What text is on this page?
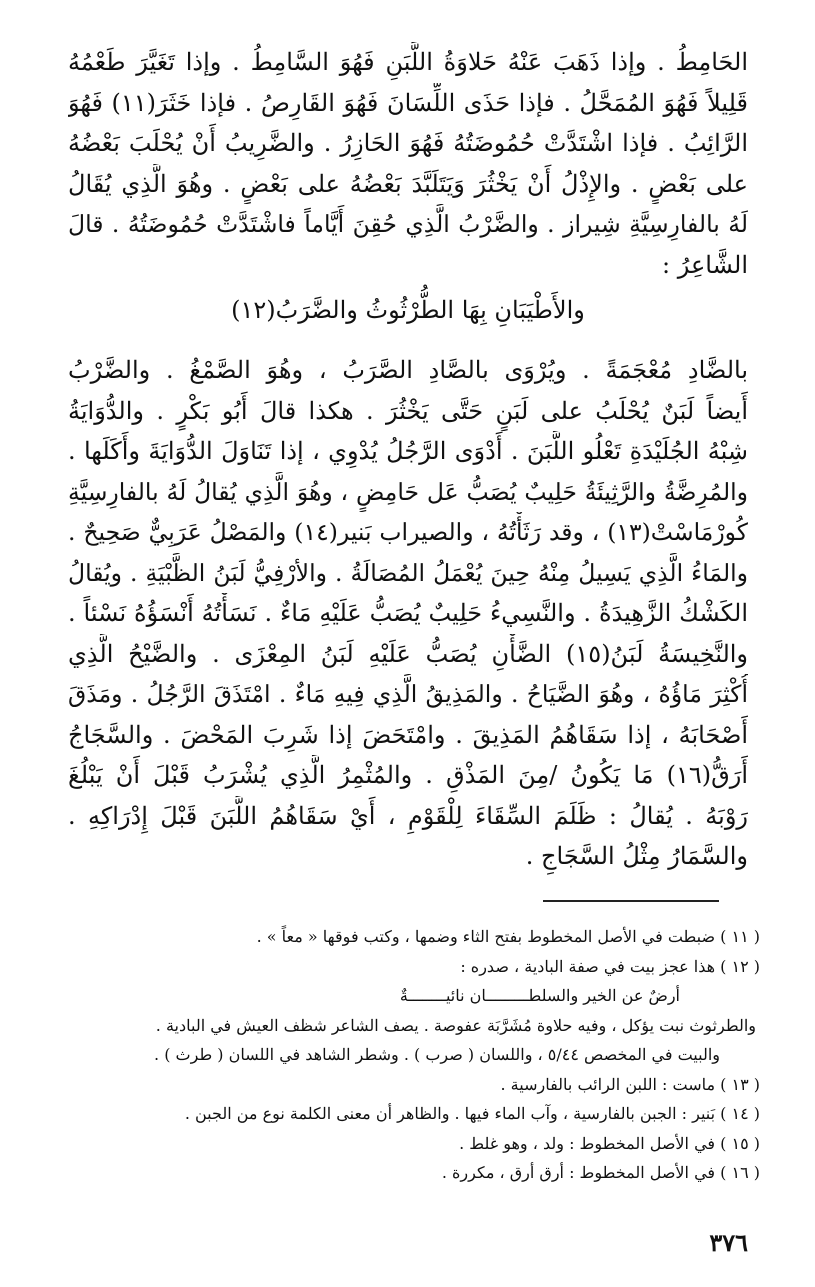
الحَامِطُ . وإذا ذَهَبَ عَنْهُ حَلاوَةُ اللَّبَنِ فَهُوَ السَّامِطُ . وإذا تَغَيَّرَ طَعْمُهُ
قَلِيلاً فَهُوَ المُمَحَّلُ . فإذا حَذَى اللِّسَانَ فَهُوَ القَارِصُ . فإذا خَثَرَ(١١) فَهُوَ
الرَّائِبُ . فإذا اشْتَدَّتْ حُمُوضَتُهُ فَهُوَ الحَازِرُ . والضَّرِيبُ أَنْ يُحْلَبَ بَعْضُهُ
على بَعْضٍ . والإِذْلُ أَنْ يَخْثُرَ وَيَتَلَبَّدَ بَعْضُهُ على بَعْضٍ . وهُوَ الَّذِي يُقَالُ
لَهُ بالفارِسِيَّةِ شِيراز . والضَّرْبُ الَّذِي حُقِنَ أَيَّاماً فاشْتَدَّتْ حُمُوضَتُهُ . قالَ
الشَّاعِرُ :
والأَطْيَبَانِ بِهَا الطُّرْثُوثُ والضَّرَبُ(١٢)
بالضَّادِ مُعْجَمَةً . ويُرْوَى بالصَّادِ الصَّرَبُ ، وهُوَ الصَّمْغُ . والضَّرْبُ
أَيضاً لَبَنٌ يُحْلَبُ على لَبَنٍ حَتَّى يَخْثُرَ . هكذا قالَ أَبُو بَكْرٍ . والدُّوَايَةُ
شِبْهُ الجُلَيْدَةِ تَعْلُو اللَّبَنَ . أَدْوَى الرَّجُلُ يُدْوِي ، إذا تَنَاوَلَ الدُّوَايَةَ وأَكَلَها .
والمُرِضَّةُ والرَّثِيئَةُ حَلِيبٌ يُصَبُّ عَل حَامِضٍ ، وهُوَ الَّذِي يُقالُ لَهُ بالفارِسِيَّةِ
كُورْمَاسْتْ(١٣) ، وقد رَثَأْتُهُ ، والصيراب بَنير(١٤) والمَصْلُ عَرَبِيٌّ صَحِيحٌ .
والمَاءُ الَّذِي يَسِيلُ مِنْهُ حِينَ يُعْمَلُ المُصَالَةُ . والأرْفِيُّ لَبَنُ الظَّبْيَةِ . ويُقالُ
الكَشْكُ الزَّهِيدَةُ . والنَّسِيءُ حَلِيبٌ يُصَبُّ عَلَيْهِ مَاءٌ . نَسَأْتُهُ أَنْسَؤُهُ نَسْئاً .
والنَّخِيسَةُ لَبَنُ(١٥) الضَّأْنِ يُصَبُّ عَلَيْهِ لَبَنُ المِعْزَى . والضَّيْحُ الَّذِي
أُكْثِرَ مَاؤُهُ ، وهُوَ الضَّيَاحُ . والمَذِيقُ الَّذِي فِيهِ مَاءٌ . امْتَذَقَ الرَّجُلُ . ومَذَقَ
أَصْحَابَهُ ، إذا سَقَاهُمُ المَذِيقَ . وامْتَحَضَ إذا شَرِبَ المَحْضَ . والسَّجَاجُ
أَرَقُّ(١٦) مَا يَكُونُ /مِنَ المَذْقِ . والمُثْمِرُ الَّذِي يُشْرَبُ قَبْلَ أَنْ يَبْلُغَ
رَوْبَهُ . يُقالُ : ظَلَمَ السِّقَاءَ لِلْقَوْمِ ، أَيْ سَقَاهُمُ اللَّبَنَ قَبْلَ إِدْرَاكِهِ .
والسَّمَارُ مِثْلُ السَّجَاجِ .
( ١١ ) ضبطت في الأصل المخطوط بفتح الثاء وضمها ، وكتب فوقها « معاً » .
( ١٢ ) هذا عجز بيت في صفة البادية ، صدره :
أرضٌ عن الخير والسلطـــــــــان نائيــــــــةٌ
والطرثوث نبت يؤكل ، وفيه حلاوة مُشَرَّبَة عفوصة . يصف الشاعر شظف العيش في البادية .
والبيت في المخصص ٥/٤٤ ، واللسان ( صرب ) . وشطر الشاهد في اللسان ( طرث ) .
( ١٣ ) ماست : اللبن الرائب بالفارسية .
( ١٤ ) بَنير : الجبن بالفارسية ، وآب الماء فيها . والظاهر أن معنى الكلمة نوع من الجبن .
( ١٥ ) في الأصل المخطوط : ولد ، وهو غلط .
( ١٦ ) في الأصل المخطوط : أرق أرق ، مكررة .
٣٧٦
